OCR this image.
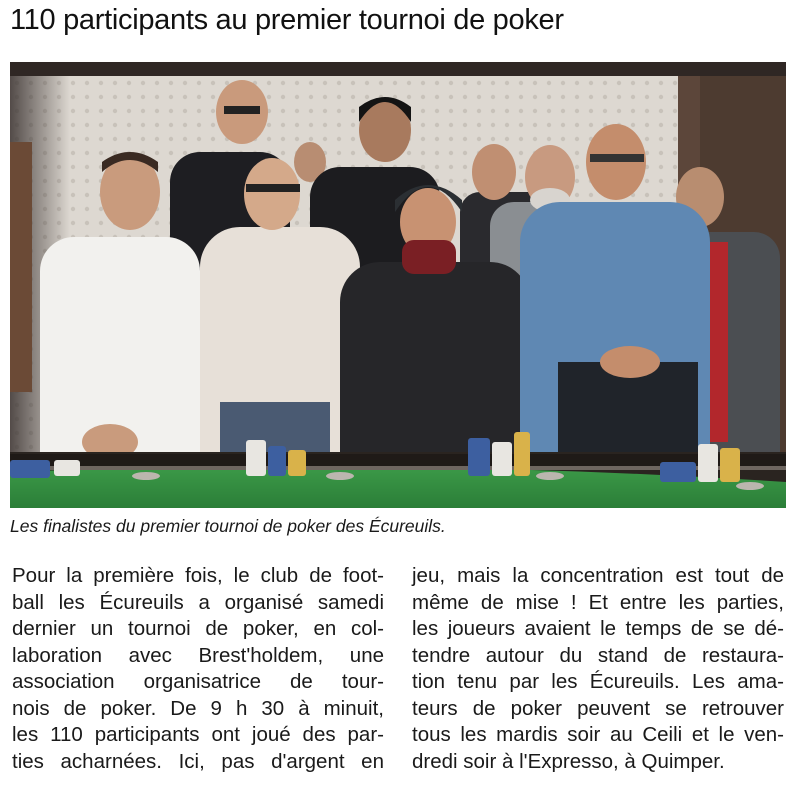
110 participants au premier tournoi de poker
Les finalistes du premier tournoi de poker des Écureuils.
Pour la première fois, le club de foot-
ball les Écureuils a organisé samedi
dernier un tournoi de poker, en col-
laboration avec Brest'holdem, une
association organisatrice de tour-
nois de poker. De 9 h 30 à minuit,
les 110 participants ont joué des par-
ties acharnées. Ici, pas d'argent en
jeu, mais la concentration est tout de
même de mise ! Et entre les parties,
les joueurs avaient le temps de se dé-
tendre autour du stand de restaura-
tion tenu par les Écureuils. Les ama-
teurs de poker peuvent se retrouver
tous les mardis soir au Ceili et le ven-
dredi soir à l'Expresso, à Quimper.
